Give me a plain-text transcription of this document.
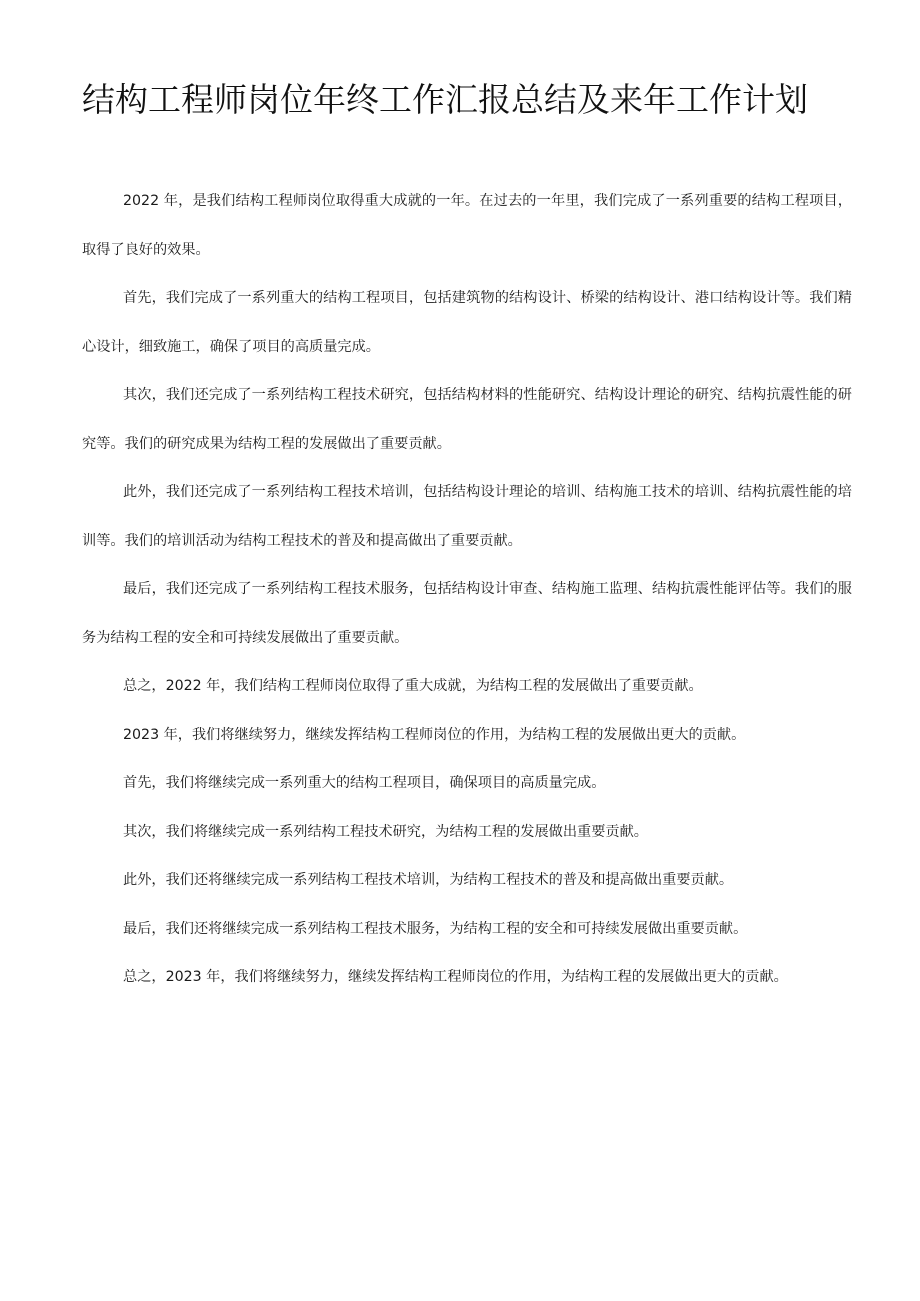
结构工程师岗位年终工作汇报总结及来年工作计划

2022 年，是我们结构工程师岗位取得重大成就的一年。在过去的一年里，我们完成了一系列重要的结构工程项目，取得了良好的效果。

首先，我们完成了一系列重大的结构工程项目，包括建筑物的结构设计、桥梁的结构设计、港口结构设计等。我们精心设计，细致施工，确保了项目的高质量完成。

其次，我们还完成了一系列结构工程技术研究，包括结构材料的性能研究、结构设计理论的研究、结构抗震性能的研究等。我们的研究成果为结构工程的发展做出了重要贡献。

此外，我们还完成了一系列结构工程技术培训，包括结构设计理论的培训、结构施工技术的培训、结构抗震性能的培训等。我们的培训活动为结构工程技术的普及和提高做出了重要贡献。

最后，我们还完成了一系列结构工程技术服务，包括结构设计审查、结构施工监理、结构抗震性能评估等。我们的服务为结构工程的安全和可持续发展做出了重要贡献。

总之，2022 年，我们结构工程师岗位取得了重大成就，为结构工程的发展做出了重要贡献。

2023 年，我们将继续努力，继续发挥结构工程师岗位的作用，为结构工程的发展做出更大的贡献。

首先，我们将继续完成一系列重大的结构工程项目，确保项目的高质量完成。

其次，我们将继续完成一系列结构工程技术研究，为结构工程的发展做出重要贡献。

此外，我们还将继续完成一系列结构工程技术培训，为结构工程技术的普及和提高做出重要贡献。

最后，我们还将继续完成一系列结构工程技术服务，为结构工程的安全和可持续发展做出重要贡献。

总之，2023 年，我们将继续努力，继续发挥结构工程师岗位的作用，为结构工程的发展做出更大的贡献。
